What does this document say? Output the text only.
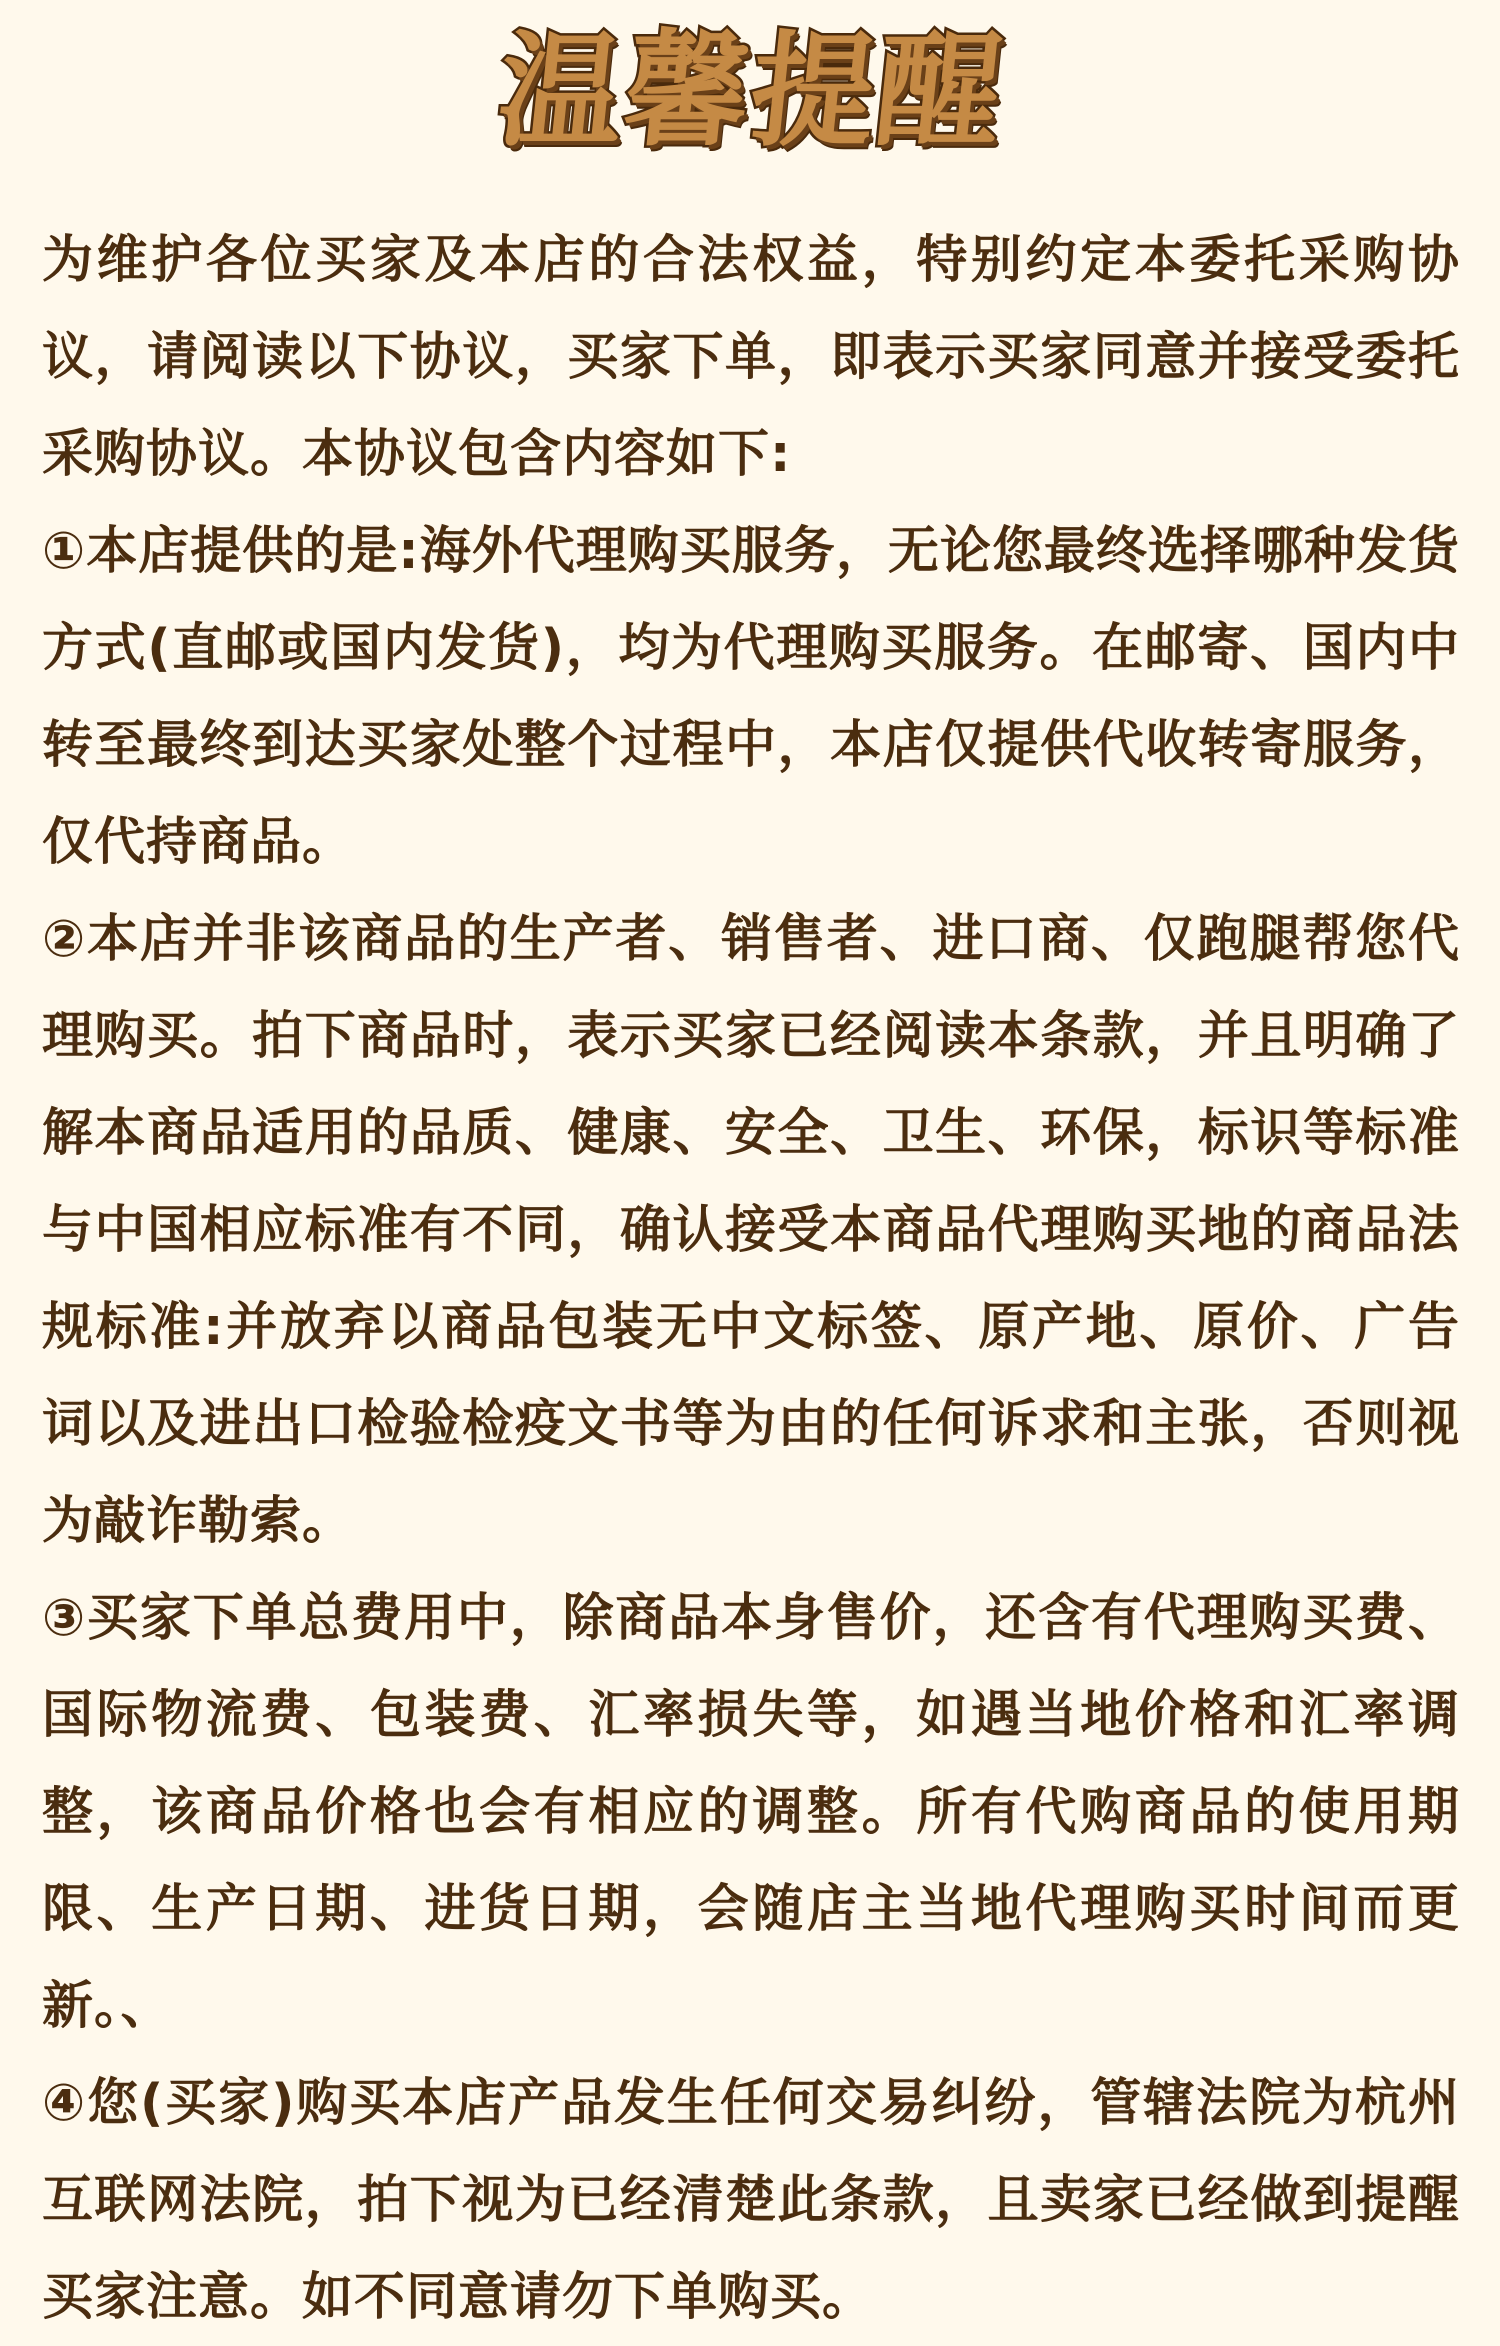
温馨提醒

为维护各位买家及本店的合法权益，特别约定本委托采购协议，请阅读以下协议，买家下单，即表示买家同意并接受委托采购协议。本协议包含内容如下:

①本店提供的是:海外代理购买服务，无论您最终选择哪种发货方式(直邮或国内发货)，均为代理购买服务。在邮寄、国内中转至最终到达买家处整个过程中，本店仅提供代收转寄服务，仅代持商品。

②本店并非该商品的生产者、销售者、进口商、仅跑腿帮您代理购买。拍下商品时，表示买家已经阅读本条款，并且明确了解本商品适用的品质、健康、安全、卫生、环保，标识等标准与中国相应标准有不同，确认接受本商品代理购买地的商品法规标准:并放弃以商品包装无中文标签、原产地、原价、广告词以及进出口检验检疫文书等为由的任何诉求和主张，否则视为敲诈勒索。

③买家下单总费用中，除商品本身售价，还含有代理购买费、国际物流费、包装费、汇率损失等，如遇当地价格和汇率调整，该商品价格也会有相应的调整。所有代购商品的使用期限、生产日期、进货日期，会随店主当地代理购买时间而更新。、

④您(买家)购买本店产品发生任何交易纠纷，管辖法院为杭州互联网法院，拍下视为已经清楚此条款，且卖家已经做到提醒买家注意。如不同意请勿下单购买。
